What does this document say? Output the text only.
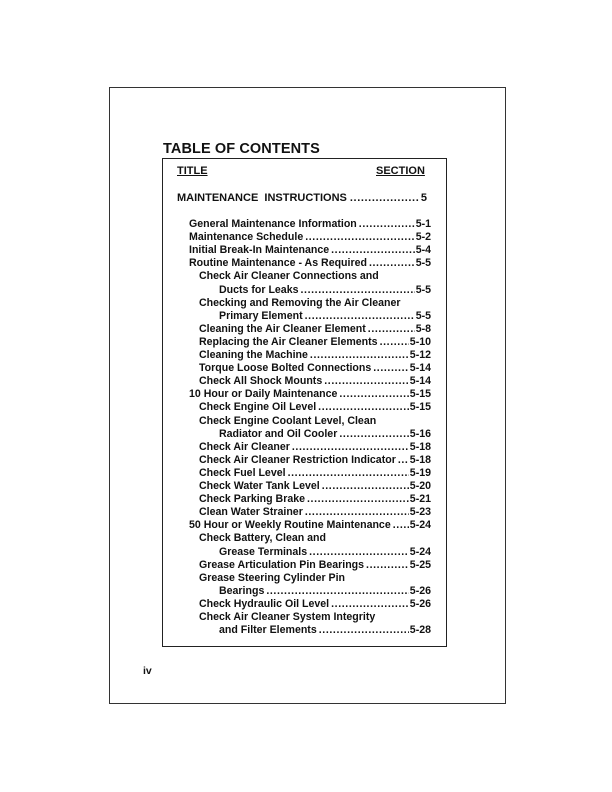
TABLE OF CONTENTS
TITLE	SECTION
MAINTENANCE  INSTRUCTIONS .....	5
General Maintenance Information .....	5-1
Maintenance Schedule .....	5-2
Initial Break-In Maintenance .....	5-4
Routine Maintenance - As Required .....	5-5
Check Air Cleaner Connections and
Ducts for Leaks .....	5-5
Checking and Removing the Air Cleaner
Primary Element .....	5-5
Cleaning the Air Cleaner Element .....	5-8
Replacing the Air Cleaner Elements .....	5-10
Cleaning the Machine .....	5-12
Torque Loose Bolted Connections .....	5-14
Check All Shock Mounts .....	5-14
10 Hour or Daily Maintenance .....	5-15
Check Engine Oil Level .....	5-15
Check Engine Coolant Level, Clean
Radiator and Oil Cooler .....	5-16
Check Air Cleaner .....	5-18
Check Air Cleaner Restriction Indicator ..... 5-18
Check Fuel Level .....	5-19
Check Water Tank Level .....	5-20
Check Parking Brake .....	5-21
Clean Water Strainer .....	5-23
50 Hour or Weekly Routine Maintenance ..... 5-24
Check Battery, Clean and
Grease Terminals .....	5-24
Grease Articulation Pin Bearings .....	5-25
Grease Steering Cylinder Pin
Bearings .....	5-26
Check Hydraulic Oil Level .....	5-26
Check Air Cleaner System Integrity
and Filter Elements .....	5-28
iv
